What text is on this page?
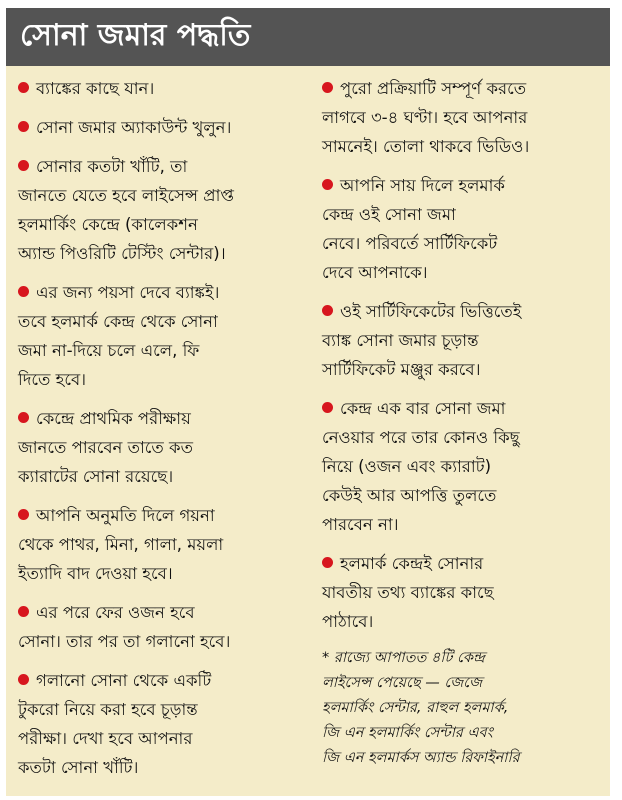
সোনা জমার পদ্ধতি
ব্যাঙ্কের কাছে যান।
সোনা জমার অ্যাকাউন্ট খুলুন।
সোনার কতটা খাঁটি, তা
জানতে যেতে হবে লাইসেন্স প্রাপ্ত
হলমার্কিং কেন্দ্রে (কালেকশন
অ্যান্ড পিওরিটি টেস্টিং সেন্টার)।
এর জন্য পয়সা দেবে ব্যাঙ্কই।
তবে হলমার্ক কেন্দ্র থেকে সোনা
জমা না-দিয়ে চলে এলে, ফি
দিতে হবে।
কেন্দ্রে প্রাথমিক পরীক্ষায়
জানতে পারবেন তাতে কত
ক্যারাটের সোনা রয়েছে।
আপনি অনুমতি দিলে গয়না
থেকে পাথর, মিনা, গালা, ময়লা
ইত্যাদি বাদ দেওয়া হবে।
এর পরে ফের ওজন হবে
সোনা। তার পর তা গলানো হবে।
গলানো সোনা থেকে একটি
টুকরো নিয়ে করা হবে চূড়ান্ত
পরীক্ষা। দেখা হবে আপনার
কতটা সোনা খাঁটি।
পুরো প্রক্রিয়াটি সম্পূর্ণ করতে
লাগবে ৩-৪ ঘণ্টা। হবে আপনার
সামনেই। তোলা থাকবে ভিডিও।
আপনি সায় দিলে হলমার্ক
কেন্দ্র ওই সোনা জমা
নেবে। পরিবর্তে সার্টিফিকেট
দেবে আপনাকে।
ওই সার্টিফিকেটের ভিত্তিতেই
ব্যাঙ্ক সোনা জমার চূড়ান্ত
সার্টিফিকেট মঞ্জুর করবে।
কেন্দ্র এক বার সোনা জমা
নেওয়ার পরে তার কোনও কিছু
নিয়ে (ওজন এবং ক্যারাট)
কেউই আর আপত্তি তুলতে
পারবেন না।
হলমার্ক কেন্দ্রই সোনার
যাবতীয় তথ্য ব্যাঙ্কের কাছে
পাঠাবে।
* রাজ্যে আপাতত ৪টি কেন্দ্র
লাইসেন্স পেয়েছে — জেজে
হলমার্কিং সেন্টার, রাহুল হলমার্ক,
জি এন হলমার্কিং সেন্টার এবং
জি এন হলমার্কস অ্যান্ড রিফাইনারি
